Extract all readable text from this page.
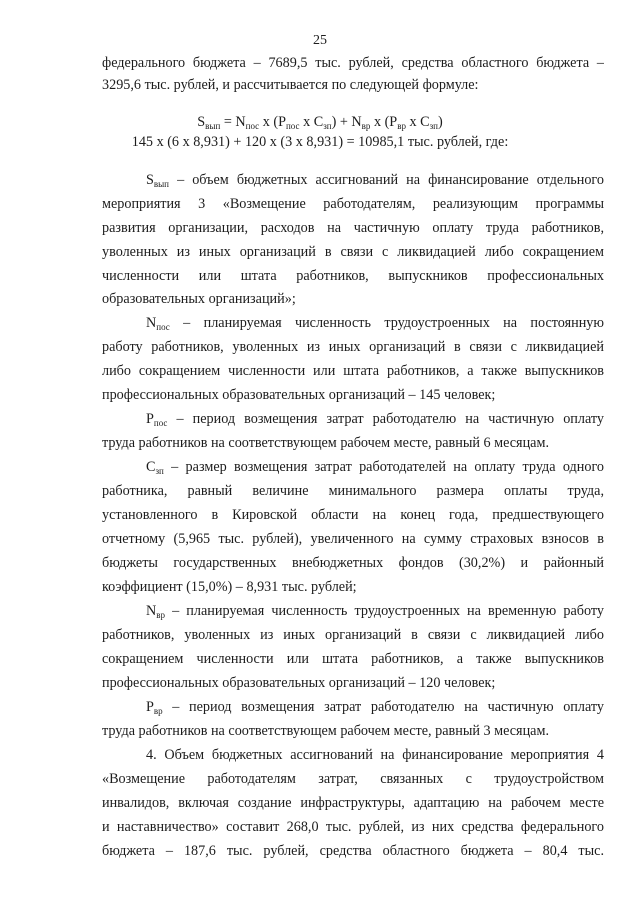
25
федерального бюджета – 7689,5 тыс. рублей, средства областного бюджета –
3295,6 тыс. рублей, и рассчитывается по следующей формуле:
$S_{вып} = N_{пос}$ x ($P_{пос}$ x $C_{зп}) + N_{вр}$ x ($P_{вр}$ x $C_{зп}$)
145 x (6 x 8,931) + 120 x (3 x 8,931) = 10985,1 тыс. рублей, где:
$S_{вып}$ – объем бюджетных ассигнований на финансирование отдельного
мероприятия 3 «Возмещение работодателям, реализующим программы
развития организации, расходов на частичную оплату труда работников,
уволенных из иных организаций в связи с ликвидацией либо сокращением
численности или штата работников, выпускников профессиональных
образовательных организаций»;
$N_{пос}$ – планируемая численность трудоустроенных на постоянную
работу работников, уволенных из иных организаций в связи с ликвидацией
либо сокращением численности или штата работников, а также выпускников
профессиональных образовательных организаций – 145 человек;
$P_{пос}$ – период возмещения затрат работодателю на частичную оплату
труда работников на соответствующем рабочем месте, равный 6 месяцам.
$C_{зп}$ – размер возмещения затрат работодателей на оплату труда одного
работника, равный величине минимального размера оплаты труда,
установленного в Кировской области на конец года, предшествующего
отчетному (5,965 тыс. рублей), увеличенного на сумму страховых взносов в
бюджеты государственных внебюджетных фондов (30,2%) и районный
коэффициент (15,0%) – 8,931 тыс. рублей;
$N_{вр}$ – планируемая численность трудоустроенных на временную работу
работников, уволенных из иных организаций в связи с ликвидацией либо
сокращением численности или штата работников, а также выпускников
профессиональных образовательных организаций – 120 человек;
$P_{вр}$ – период возмещения затрат работодателю на частичную оплату
труда работников на соответствующем рабочем месте, равный 3 месяцам.
4. Объем бюджетных ассигнований на финансирование мероприятия 4
«Возмещение работодателям затрат, связанных с трудоустройством
инвалидов, включая создание инфраструктуры, адаптацию на рабочем месте
и наставничество» составит 268,0 тыс. рублей, из них средства федерального
бюджета – 187,6 тыс. рублей, средства областного бюджета – 80,4 тыс.
